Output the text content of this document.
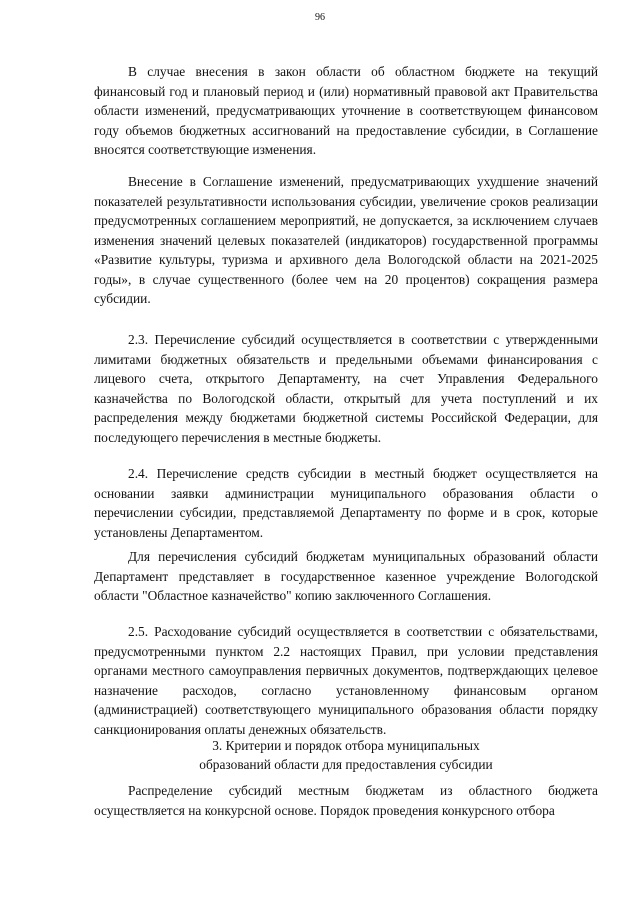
96

В случае внесения в закон области об областном бюджете на текущий финансовый год и плановый период и (или) нормативный правовой акт Правительства области изменений, предусматривающих уточнение в соответствующем финансовом году объемов бюджетных ассигнований на предоставление субсидии, в Соглашение вносятся соответствующие изменения.

Внесение в Соглашение изменений, предусматривающих ухудшение значений показателей результативности использования субсидии, увеличение сроков реализации предусмотренных соглашением мероприятий, не допускается, за исключением случаев изменения значений целевых показателей (индикаторов) государственной программы «Развитие культуры, туризма и архивного дела Вологодской области на 2021-2025 годы», в случае существенного (более чем на 20 процентов) сокращения размера субсидии.

2.3. Перечисление субсидий осуществляется в соответствии с утвержденными лимитами бюджетных обязательств и предельными объемами финансирования с лицевого счета, открытого Департаменту, на счет Управления Федерального казначейства по Вологодской области, открытый для учета поступлений и их распределения между бюджетами бюджетной системы Российской Федерации, для последующего перечисления в местные бюджеты.

2.4. Перечисление средств субсидии в местный бюджет осуществляется на основании заявки администрации муниципального образования области о перечислении субсидии, представляемой Департаменту по форме и в срок, которые установлены Департаментом.

Для перечисления субсидий бюджетам муниципальных образований области Департамент представляет в государственное казенное учреждение Вологодской области "Областное казначейство" копию заключенного Соглашения.

2.5. Расходование субсидий осуществляется в соответствии с обязательствами, предусмотренными пунктом 2.2 настоящих Правил, при условии представления органами местного самоуправления первичных документов, подтверждающих целевое назначение расходов, согласно установленному финансовым органом (администрацией) соответствующего муниципального образования области порядку санкционирования оплаты денежных обязательств.

3. Критерии и порядок отбора муниципальных
образований области для предоставления субсидии

Распределение субсидий местным бюджетам из областного бюджета осуществляется на конкурсной основе. Порядок проведения конкурсного отбора
